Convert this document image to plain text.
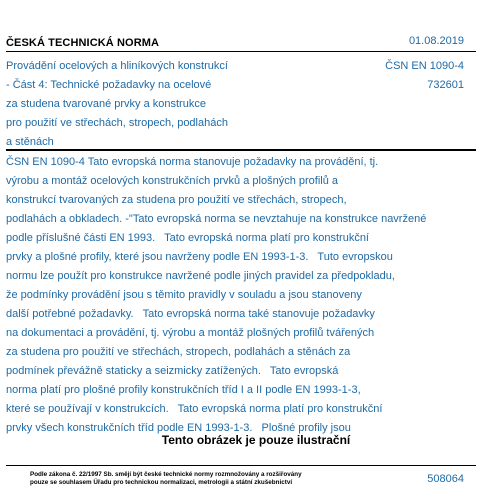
ČESKÁ TECHNICKÁ NORMA	01.08.2019
Provádění ocelových a hliníkových konstrukcí
- Část 4: Technické požadavky na ocelové
za studena tvarované prvky a konstrukce
pro použití ve střechách, stropech, podlahách
a stěnách
ČSN EN 1090-4
732601
ČSN EN 1090-4 Tato evropská norma stanovuje požadavky na provádění, tj.
výrobu a montáž ocelových konstrukčních prvků a plošných profilů a
konstrukcí tvarovaných za studena pro použití ve střechách, stropech,
podlahách a obkladech. -"Tato evropská norma se nevztahuje na konstrukce navržené
podle příslušné části EN 1993.   Tato evropská norma platí pro konstrukční
prvky a plošné profily, které jsou navrženy podle EN 1993-1-3.   Tuto evropskou
normu lze použít pro konstrukce navržené podle jiných pravidel za předpokladu,
že podmínky provádění jsou s těmito pravidly v souladu a jsou stanoveny
další potřebné požadavky.   Tato evropská norma také stanovuje požadavky
na dokumentaci a provádění, tj. výrobu a montáž plošných profilů tvářených
za studena pro použití ve střechách, stropech, podlahách a stěnách za
podmínek převážně staticky a seizmicky zatížených.   Tato evropská
norma platí pro plošné profily konstrukčních tříd I a II podle EN 1993-1-3,
které se používají v konstrukcích.   Tato evropská norma platí pro konstrukční
prvky všech konstrukčních tříd podle EN 1993-1-3.   Plošné profily jsou
Tento obrázek je pouze ilustrační
Podle zákona č. 22/1997 Sb. smějí být české technické normy rozmnožovány a rozšiřovány
pouze se souhlasem Úřadu pro technickou normalizaci, metrologii a státní zkušebnictví	508064
